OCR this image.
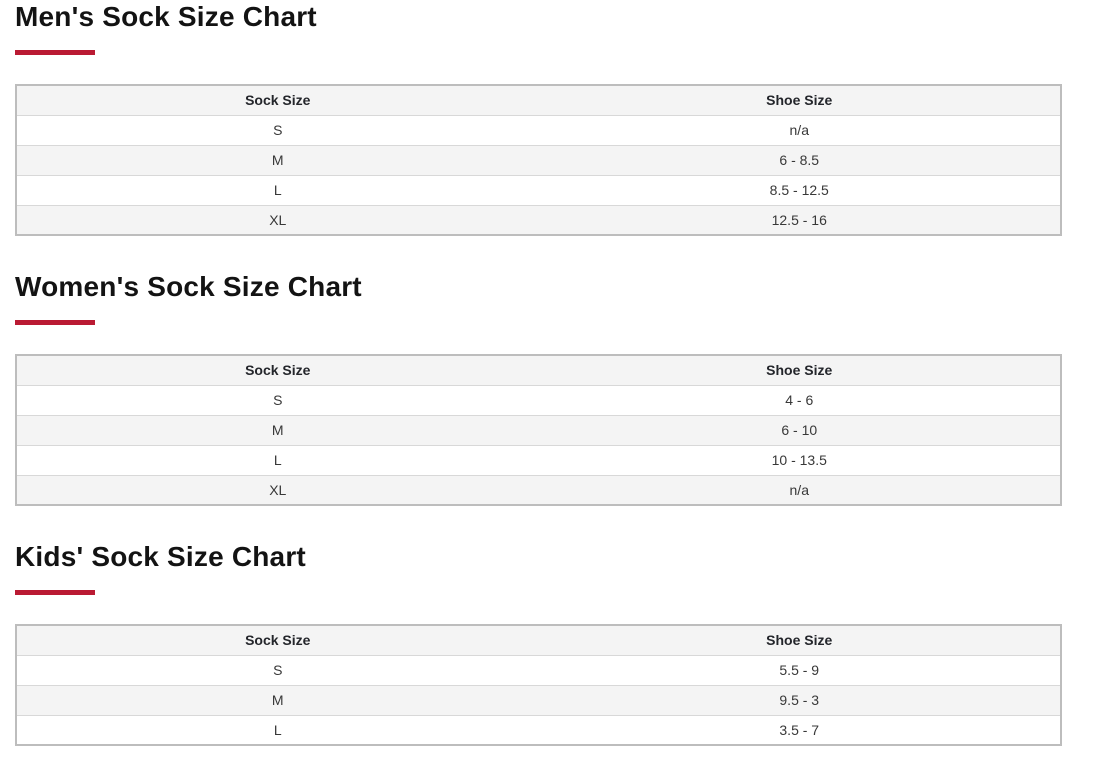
Men's Sock Size Chart
Sock Size	Shoe Size
S	n/a
M	6 - 8.5
L	8.5 - 12.5
XL	12.5 - 16
Women's Sock Size Chart
Sock Size	Shoe Size
S	4 - 6
M	6 - 10
L	10 - 13.5
XL	n/a
Kids' Sock Size Chart
Sock Size	Shoe Size
S	5.5 - 9
M	9.5 - 3
L	3.5 - 7
